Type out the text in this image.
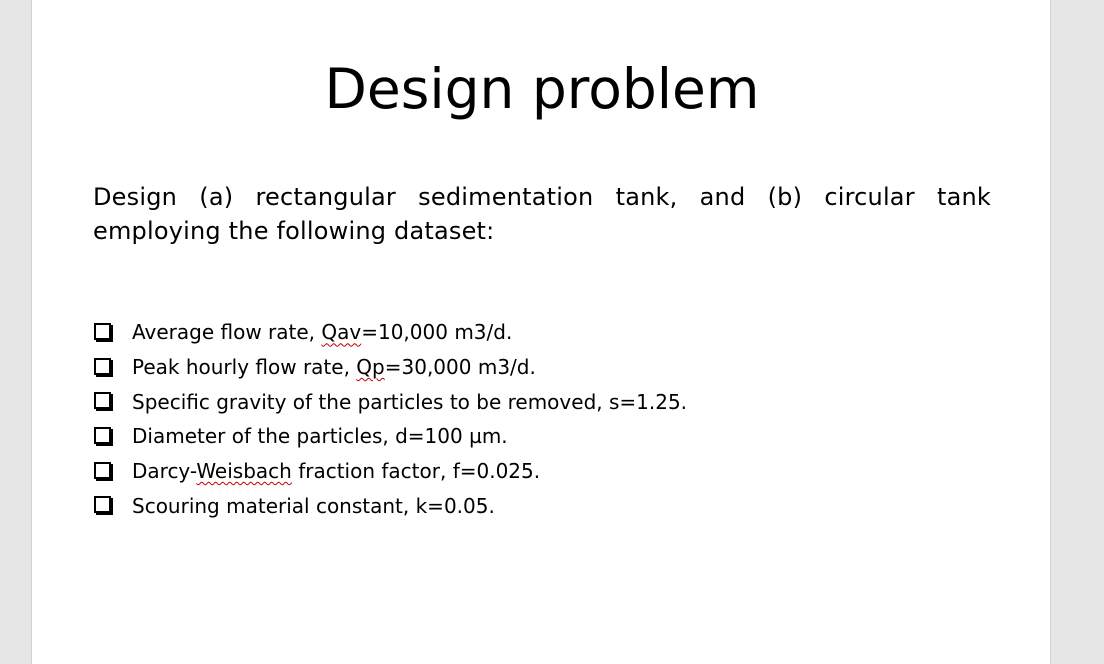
Design problem
Design (a) rectangular sedimentation tank, and (b) circular tank employing the following dataset:
Average flow rate, Qav=10,000 m3/d.
Peak hourly flow rate, Qp=30,000 m3/d.
Specific gravity of the particles to be removed, s=1.25.
Diameter of the particles, d=100 µm.
Darcy-Weisbach fraction factor, f=0.025.
Scouring material constant, k=0.05.
